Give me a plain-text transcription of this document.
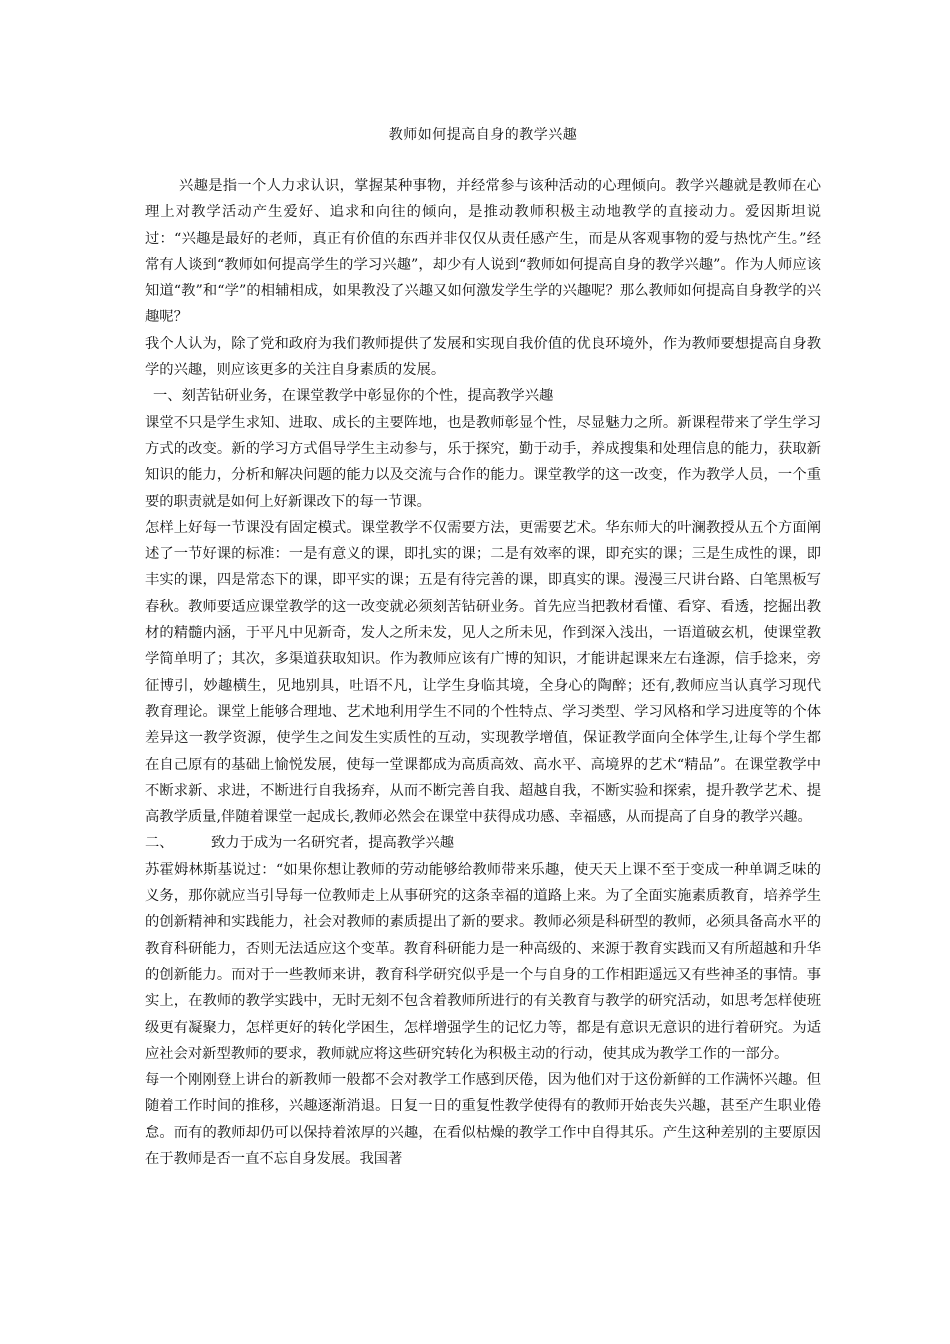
教师如何提高自身的教学兴趣

兴趣是指一个人力求认识，掌握某种事物，并经常参与该种活动的心理倾向。教学兴趣就是教师在心理上对教学活动产生爱好、追求和向往的倾向，是推动教师积极主动地教学的直接动力。爱因斯坦说过：“兴趣是最好的老师，真正有价值的东西并非仅仅从责任感产生，而是从客观事物的爱与热忱产生。”经常有人谈到“教师如何提高学生的学习兴趣”，却少有人说到“教师如何提高自身的教学兴趣”。作为人师应该知道“教”和“学”的相辅相成，如果教没了兴趣又如何激发学生学的兴趣呢？那么教师如何提高自身教学的兴趣呢？

我个人认为，除了党和政府为我们教师提供了发展和实现自我价值的优良环境外，作为教师要想提高自身教学的兴趣，则应该更多的关注自身素质的发展。

一、刻苦钻研业务，在课堂教学中彰显你的个性，提高教学兴趣

课堂不只是学生求知、进取、成长的主要阵地，也是教师彰显个性，尽显魅力之所。新课程带来了学生学习方式的改变。新的学习方式倡导学生主动参与，乐于探究，勤于动手，养成搜集和处理信息的能力，获取新知识的能力，分析和解决问题的能力以及交流与合作的能力。课堂教学的这一改变，作为教学人员，一个重要的职责就是如何上好新课改下的每一节课。

怎样上好每一节课没有固定模式。课堂教学不仅需要方法，更需要艺术。华东师大的叶澜教授从五个方面阐述了一节好课的标准：一是有意义的课，即扎实的课；二是有效率的课，即充实的课；三是生成性的课，即丰实的课，四是常态下的课，即平实的课；五是有待完善的课，即真实的课。漫漫三尺讲台路、白笔黑板写春秋。教师要适应课堂教学的这一改变就必须刻苦钻研业务。首先应当把教材看懂、看穿、看透，挖掘出教材的精髓内涵，于平凡中见新奇，发人之所未发，见人之所未见，作到深入浅出，一语道破玄机，使课堂教学简单明了；其次，多渠道获取知识。作为教师应该有广博的知识，才能讲起课来左右逢源，信手捻来，旁征博引，妙趣横生，见地别具，吐语不凡，让学生身临其境，全身心的陶醉；还有,教师应当认真学习现代教育理论。课堂上能够合理地、艺术地利用学生不同的个性特点、学习类型、学习风格和学习进度等的个体差异这一教学资源，使学生之间发生实质性的互动，实现教学增值，保证教学面向全体学生,让每个学生都在自己原有的基础上愉悦发展，使每一堂课都成为高质高效、高水平、高境界的艺术“精品”。在课堂教学中不断求新、求进，不断进行自我扬弃，从而不断完善自我、超越自我，不断实验和探索，提升教学艺术、提高教学质量,伴随着课堂一起成长,教师必然会在课堂中获得成功感、幸福感，从而提高了自身的教学兴趣。

二、	致力于成为一名研究者，提高教学兴趣

苏霍姆林斯基说过：“如果你想让教师的劳动能够给教师带来乐趣，使天天上课不至于变成一种单调乏味的义务，那你就应当引导每一位教师走上从事研究的这条幸福的道路上来。为了全面实施素质教育，培养学生的创新精神和实践能力，社会对教师的素质提出了新的要求。教师必须是科研型的教师，必须具备高水平的教育科研能力，否则无法适应这个变革。教育科研能力是一种高级的、来源于教育实践而又有所超越和升华的创新能力。而对于一些教师来讲，教育科学研究似乎是一个与自身的工作相距遥远又有些神圣的事情。事实上，在教师的教学实践中，无时无刻不包含着教师所进行的有关教育与教学的研究活动，如思考怎样使班级更有凝聚力，怎样更好的转化学困生，怎样增强学生的记忆力等，都是有意识无意识的进行着研究。为适应社会对新型教师的要求，教师就应将这些研究转化为积极主动的行动，使其成为教学工作的一部分。

每一个刚刚登上讲台的新教师一般都不会对教学工作感到厌倦，因为他们对于这份新鲜的工作满怀兴趣。但随着工作时间的推移，兴趣逐渐消退。日复一日的重复性教学使得有的教师开始丧失兴趣，甚至产生职业倦怠。而有的教师却仍可以保持着浓厚的兴趣，在看似枯燥的教学工作中自得其乐。产生这种差别的主要原因在于教师是否一直不忘自身发展。我国著
